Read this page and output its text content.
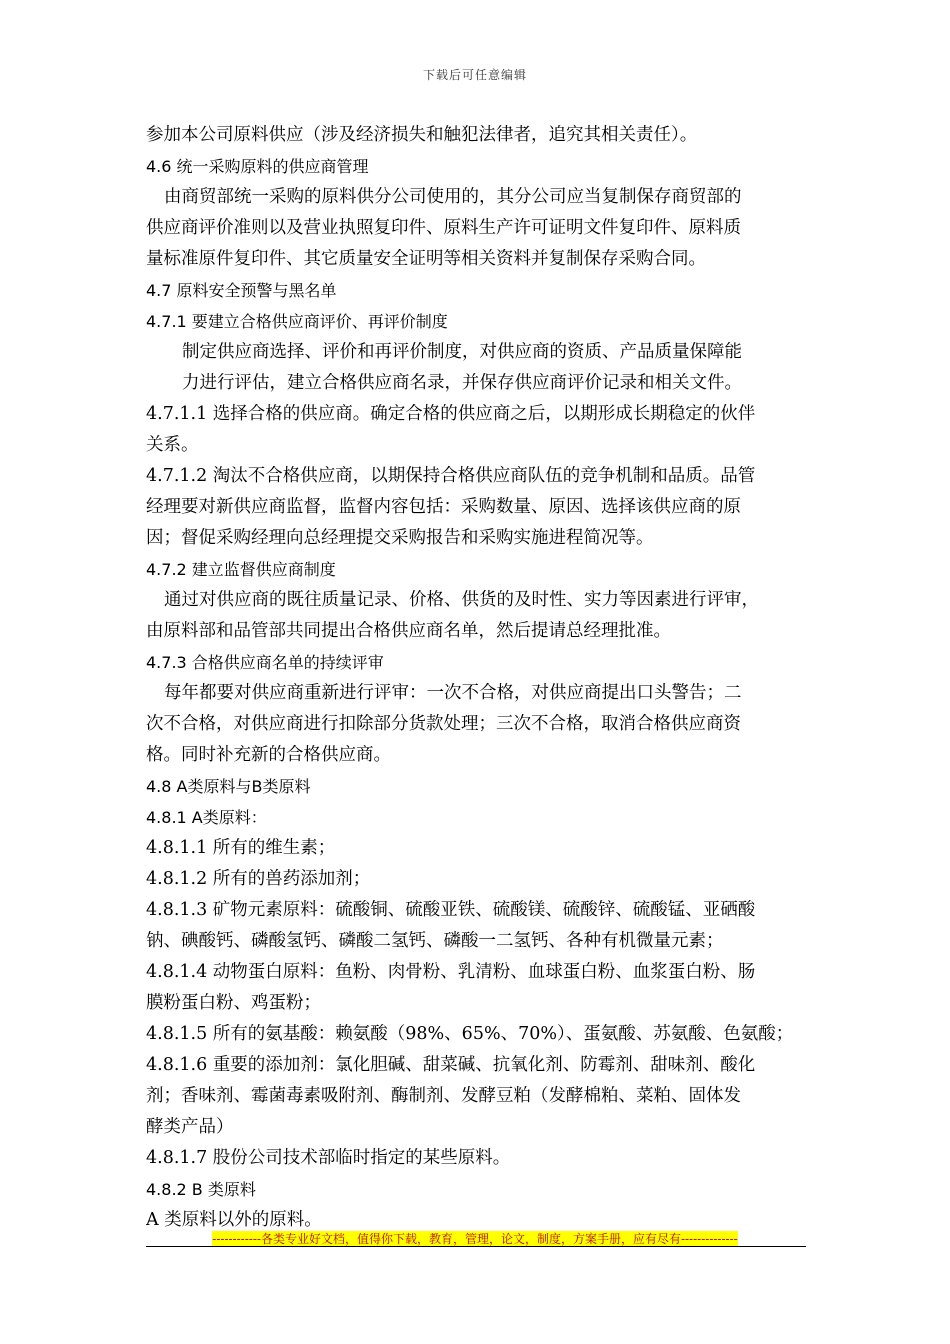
下载后可任意编辑
参加本公司原料供应（涉及经济损失和触犯法律者，追究其相关责任）。
4.6 统一采购原料的供应商管理
由商贸部统一采购的原料供分公司使用的，其分公司应当复制保存商贸部的
供应商评价准则以及营业执照复印件、原料生产许可证明文件复印件、原料质
量标准原件复印件、其它质量安全证明等相关资料并复制保存采购合同。
4.7 原料安全预警与黑名单
4.7.1 要建立合格供应商评价、再评价制度
制定供应商选择、评价和再评价制度，对供应商的资质、产品质量保障能
力进行评估，建立合格供应商名录，并保存供应商评价记录和相关文件。
4.7.1.1 选择合格的供应商。确定合格的供应商之后，以期形成长期稳定的伙伴
关系。
4.7.1.2 淘汰不合格供应商，以期保持合格供应商队伍的竞争机制和品质。品管
经理要对新供应商监督，监督内容包括：采购数量、原因、选择该供应商的原
因；督促采购经理向总经理提交采购报告和采购实施进程简况等。
4.7.2 建立监督供应商制度
通过对供应商的既往质量记录、价格、供货的及时性、实力等因素进行评审，
由原料部和品管部共同提出合格供应商名单，然后提请总经理批准。
4.7.3 合格供应商名单的持续评审
每年都要对供应商重新进行评审：一次不合格，对供应商提出口头警告；二
次不合格，对供应商进行扣除部分货款处理；三次不合格，取消合格供应商资
格。同时补充新的合格供应商。
4.8 A类原料与B类原料
4.8.1 A类原料：
4.8.1.1 所有的维生素；
4.8.1.2 所有的兽药添加剂；
4.8.1.3 矿物元素原料：硫酸铜、硫酸亚铁、硫酸镁、硫酸锌、硫酸锰、亚硒酸
钠、碘酸钙、磷酸氢钙、磷酸二氢钙、磷酸一二氢钙、各种有机微量元素；
4.8.1.4 动物蛋白原料：鱼粉、肉骨粉、乳清粉、血球蛋白粉、血浆蛋白粉、肠
膜粉蛋白粉、鸡蛋粉；
4.8.1.5 所有的氨基酸：赖氨酸（98%、65%、70%）、蛋氨酸、苏氨酸、色氨酸；
4.8.1.6 重要的添加剂：氯化胆碱、甜菜碱、抗氧化剂、防霉剂、甜味剂、酸化
剂；香味剂、霉菌毒素吸附剂、酶制剂、发酵豆粕（发酵棉粕、菜粕、固体发
酵类产品）
4.8.1.7 股份公司技术部临时指定的某些原料。
4.8.2 B 类原料
A 类原料以外的原料。
------------各类专业好文档，值得你下载，教育，管理，论文，制度，方案手册，应有尽有--------------
